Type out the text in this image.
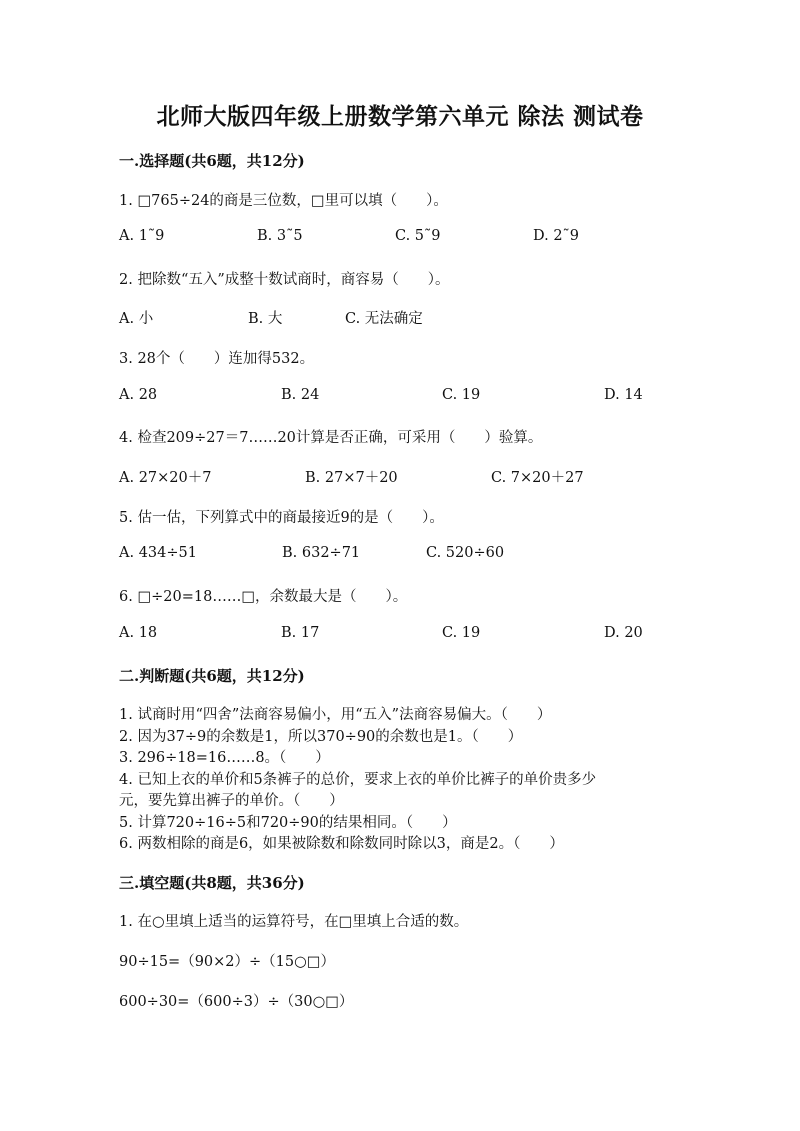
北师大版四年级上册数学第六单元 除法 测试卷
一.选择题(共6题，共12分)
1. □765÷24的商是三位数，□里可以填（　　）。
A. 1˜9	B. 3˜5	C. 5˜9	D. 2˜9
2. 把除数“五入”成整十数试商时，商容易（　　）。
A. 小	B. 大	C. 无法确定
3. 28个（　　）连加得532。
A. 28	B. 24	C. 19	D. 14
4. 检查209÷27＝7……20计算是否正确，可采用（　　）验算。
A. 27×20＋7	B. 27×7＋20	C. 7×20＋27
5. 估一估，下列算式中的商最接近9的是（　　）。
A. 434÷51	B. 632÷71	C. 520÷60
6. □÷20=18……□，余数最大是（　　）。
A. 18	B. 17	C. 19	D. 20
二.判断题(共6题，共12分)
1. 试商时用“四舍”法商容易偏小，用“五入”法商容易偏大。（　　）
2. 因为37÷9的余数是1，所以370÷90的余数也是1。（　　）
3. 296÷18=16……8。（　　）
4. 已知上衣的单价和5条裤子的总价，要求上衣的单价比裤子的单价贵多少
元，要先算出裤子的单价。（　　）
5. 计算720÷16÷5和720÷90的结果相同。（　　）
6. 两数相除的商是6，如果被除数和除数同时除以3，商是2。（　　）
三.填空题(共8题，共36分)
1. 在○里填上适当的运算符号，在□里填上合适的数。
90÷15=（90×2）÷（15○□）
600÷30=（600÷3）÷（30○□）
